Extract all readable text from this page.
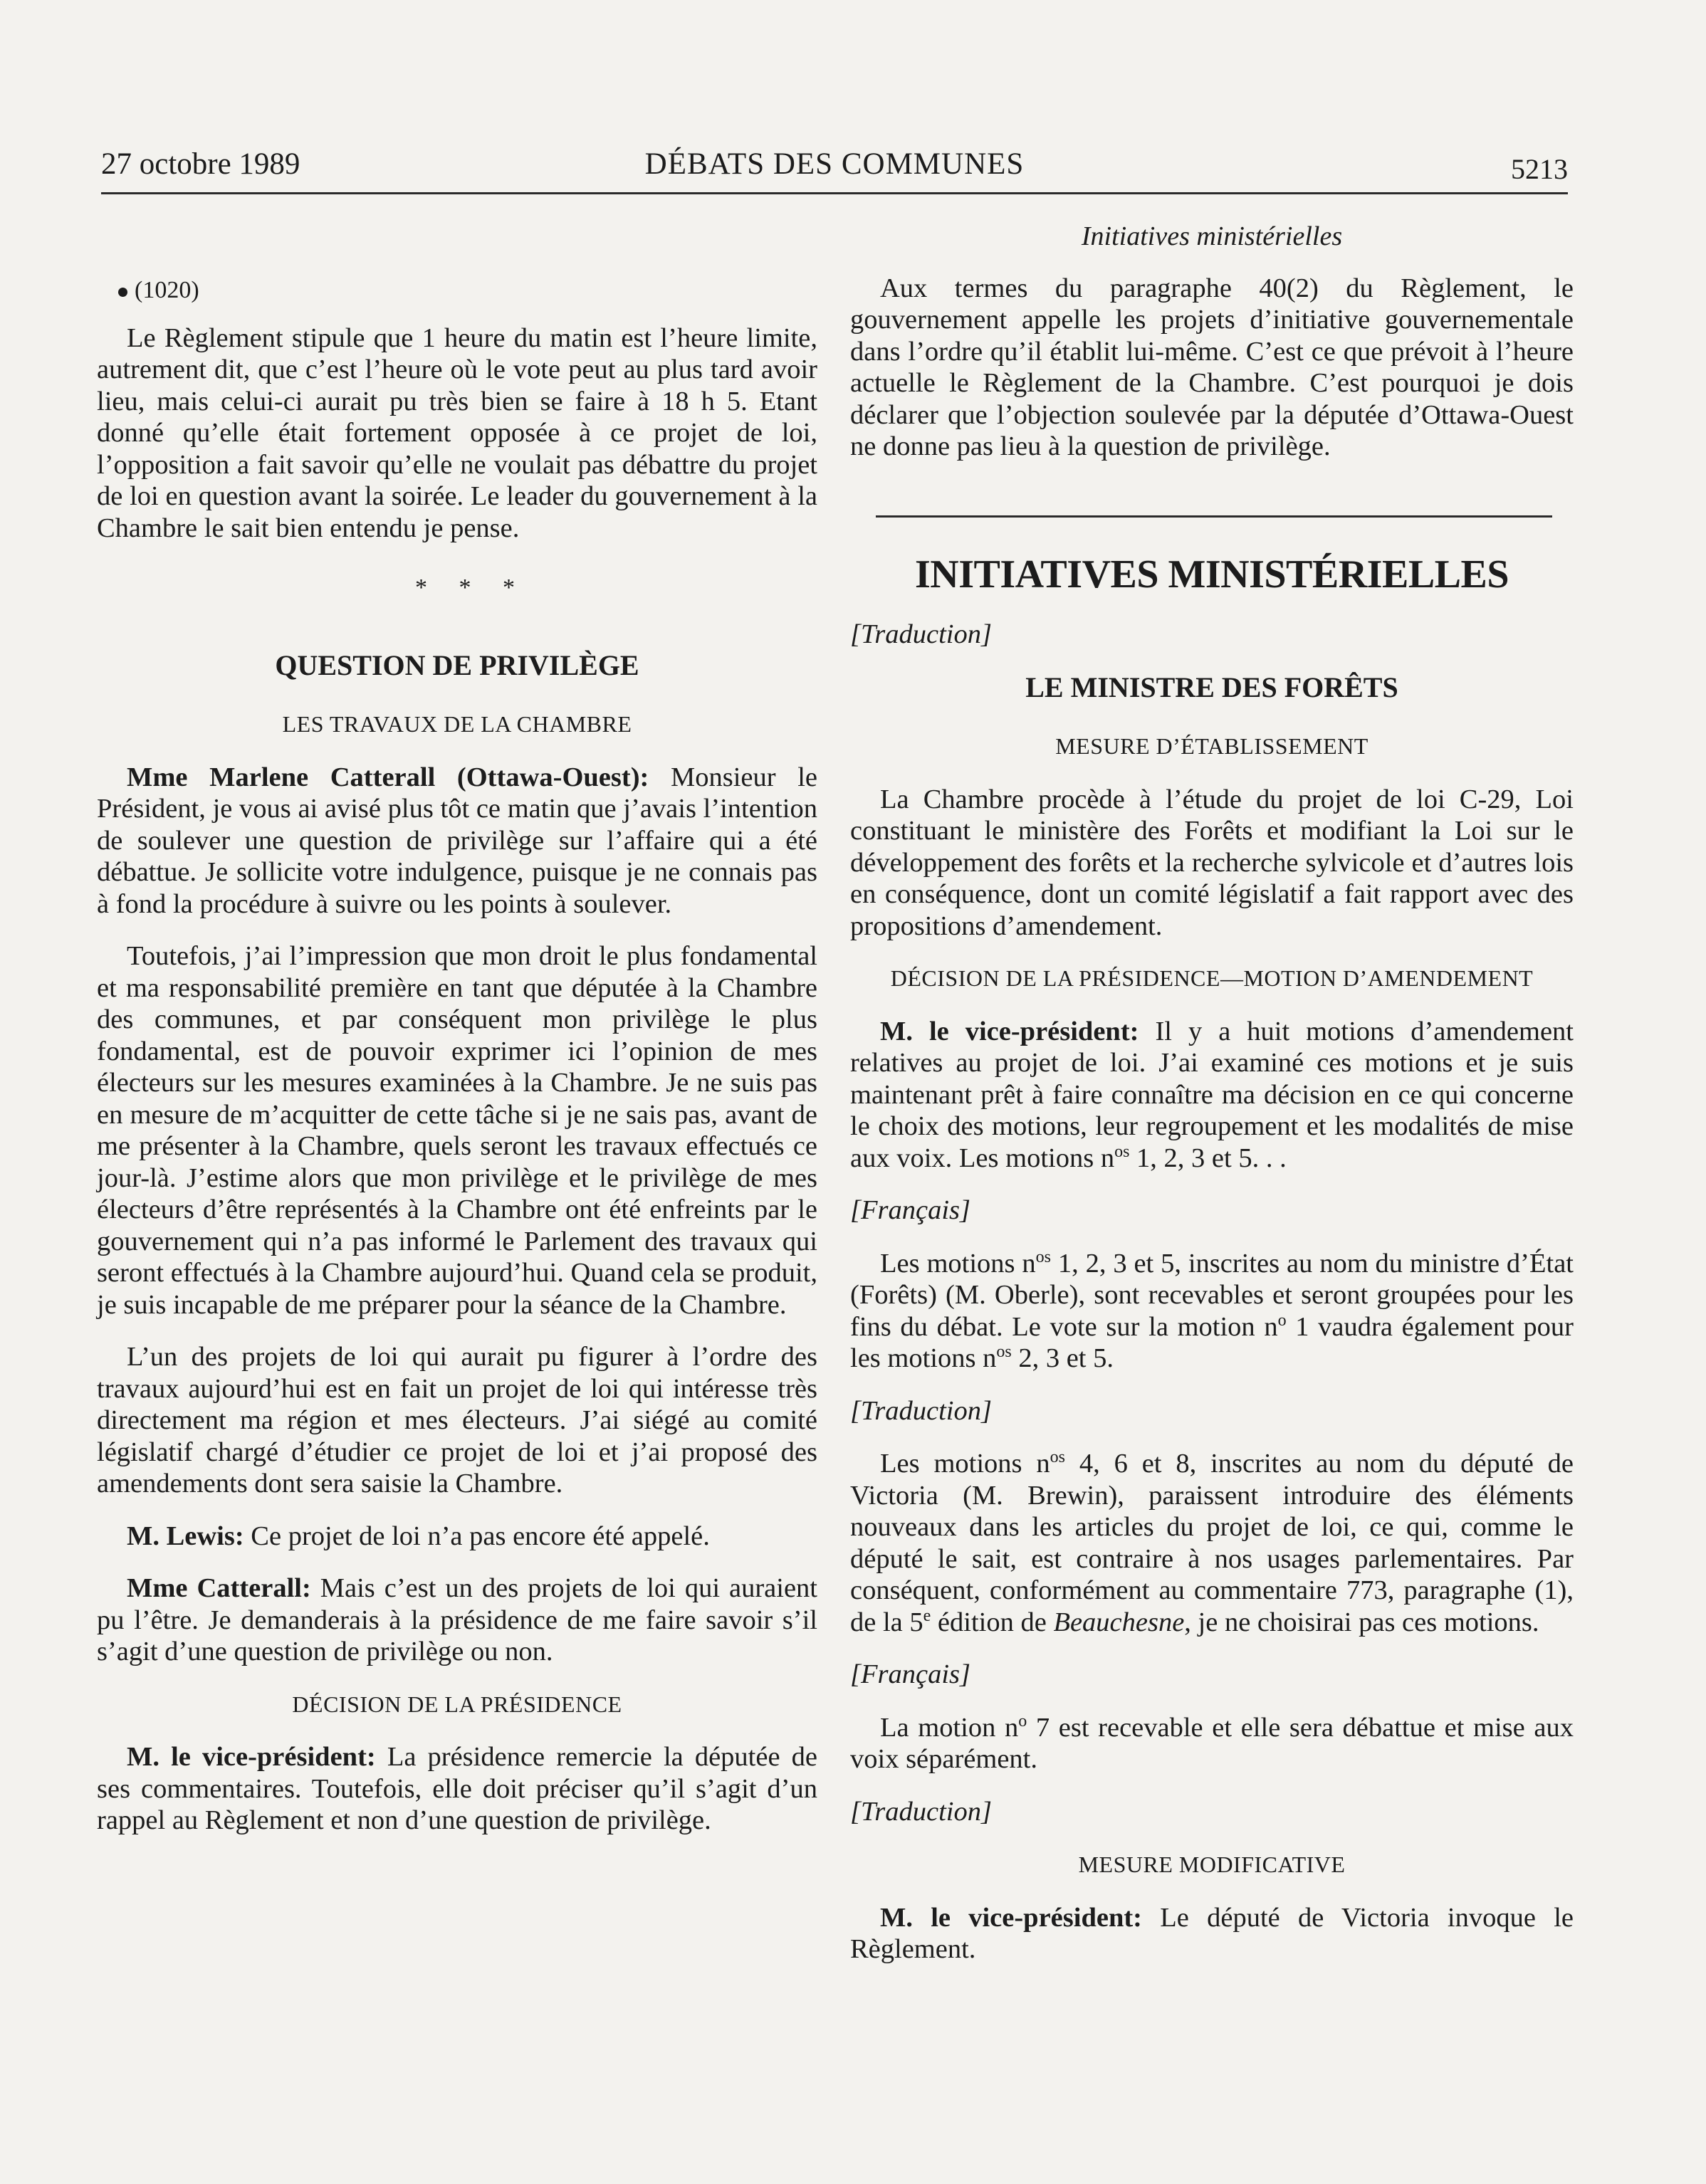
27 octobre 1989	DÉBATS DES COMMUNES	5213

(1020)

Le Règlement stipule que 1 heure du matin est l’heure limite, autrement dit, que c’est l’heure où le vote peut au plus tard avoir lieu, mais celui-ci aurait pu très bien se faire à 18 h 5. Etant donné qu’elle était fortement opposée à ce projet de loi, l’opposition a fait savoir qu’elle ne voulait pas débattre du projet de loi en question avant la soirée. Le leader du gouvernement à la Chambre le sait bien entendu je pense.

* * *

QUESTION DE PRIVILÈGE
LES TRAVAUX DE LA CHAMBRE

Mme Marlene Catterall (Ottawa-Ouest): Monsieur le Président, je vous ai avisé plus tôt ce matin que j’avais l’intention de soulever une question de privilège sur l’affaire qui a été débattue. Je sollicite votre indulgence, puisque je ne connais pas à fond la procédure à suivre ou les points à soulever.

Toutefois, j’ai l’impression que mon droit le plus fondamental et ma responsabilité première en tant que députée à la Chambre des communes, et par conséquent mon privilège le plus fondamental, est de pouvoir exprimer ici l’opinion de mes électeurs sur les mesures examinées à la Chambre. Je ne suis pas en mesure de m’acquitter de cette tâche si je ne sais pas, avant de me présenter à la Chambre, quels seront les travaux effectués ce jour-là. J’estime alors que mon privilège et le privilège de mes électeurs d’être représentés à la Chambre ont été enfreints par le gouvernement qui n’a pas informé le Parlement des travaux qui seront effectués à la Chambre aujourd’hui. Quand cela se produit, je suis incapable de me préparer pour la séance de la Chambre.

L’un des projets de loi qui aurait pu figurer à l’ordre des travaux aujourd’hui est en fait un projet de loi qui intéresse très directement ma région et mes électeurs. J’ai siégé au comité législatif chargé d’étudier ce projet de loi et j’ai proposé des amendements dont sera saisie la Chambre.

M. Lewis: Ce projet de loi n’a pas encore été appelé.

Mme Catterall: Mais c’est un des projets de loi qui auraient pu l’être. Je demanderais à la présidence de me faire savoir s’il s’agit d’une question de privilège ou non.

DÉCISION DE LA PRÉSIDENCE

M. le vice-président: La présidence remercie la députée de ses commentaires. Toutefois, elle doit préciser qu’il s’agit d’un rappel au Règlement et non d’une question de privilège.

Initiatives ministérielles

Aux termes du paragraphe 40(2) du Règlement, le gouvernement appelle les projets d’initiative gouvernementale dans l’ordre qu’il établit lui-même. C’est ce que prévoit à l’heure actuelle le Règlement de la Chambre. C’est pourquoi je dois déclarer que l’objection soulevée par la députée d’Ottawa-Ouest ne donne pas lieu à la question de privilège.

INITIATIVES MINISTÉRIELLES

[Traduction]

LE MINISTRE DES FORÊTS
MESURE D’ÉTABLISSEMENT

La Chambre procède à l’étude du projet de loi C-29, Loi constituant le ministère des Forêts et modifiant la Loi sur le développement des forêts et la recherche sylvicole et d’autres lois en conséquence, dont un comité législatif a fait rapport avec des propositions d’amendement.

DÉCISION DE LA PRÉSIDENCE—MOTION D’AMENDEMENT

M. le vice-président: Il y a huit motions d’amendement relatives au projet de loi. J’ai examiné ces motions et je suis maintenant prêt à faire connaître ma décision en ce qui concerne le choix des motions, leur regroupement et les modalités de mise aux voix. Les motions $n^{os}$ 1, 2, 3 et 5. . .

[Français]

Les motions $n^{os}$ 1, 2, 3 et 5, inscrites au nom du ministre d’État (Forêts) (M. Oberle), sont recevables et seront groupées pour les fins du débat. Le vote sur la motion $n^o$ 1 vaudra également pour les motions $n^{os}$ 2, 3 et 5.

[Traduction]

Les motions $n^{os}$ 4, 6 et 8, inscrites au nom du député de Victoria (M. Brewin), paraissent introduire des éléments nouveaux dans les articles du projet de loi, ce qui, comme le député le sait, est contraire à nos usages parlementaires. Par conséquent, conformément au commentaire 773, paragraphe (1), de la 5e édition de Beauchesne, je ne choisirai pas ces motions.

[Français]

La motion $n^o$ 7 est recevable et elle sera débattue et mise aux voix séparément.

[Traduction]

MESURE MODIFICATIVE

M. le vice-président: Le député de Victoria invoque le Règlement.
